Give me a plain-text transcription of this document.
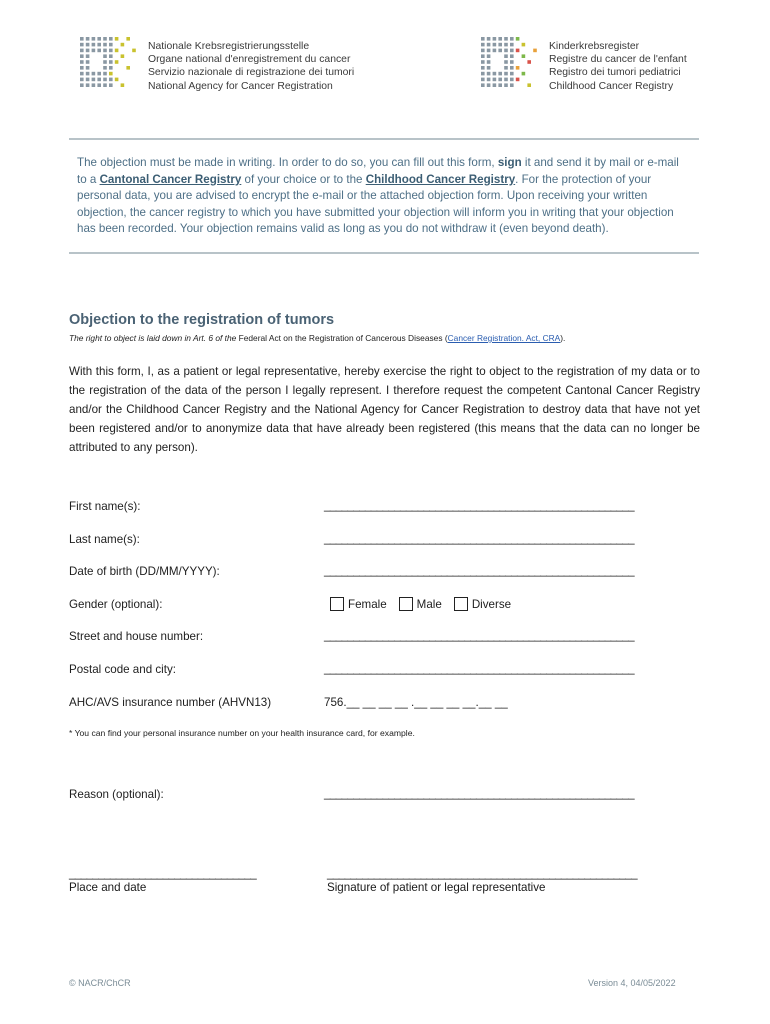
Nationale Krebsregistrierungsstelle
Organe national d'enregistrement du cancer
Servizio nazionale di registrazione dei tumori
National Agency for Cancer Registration
Kinderkrebsregister
Registre du cancer de l'enfant
Registro dei tumori pediatrici
Childhood Cancer Registry

The objection must be made in writing. In order to do so, you can fill out this form, sign it and send it by mail or e-mail to a Cantonal Cancer Registry of your choice or to the Childhood Cancer Registry. For the protection of your personal data, you are advised to encrypt the e-mail or the attached objection form. Upon receiving your written objection, the cancer registry to which you have submitted your objection will inform you in writing that your objection has been recorded. Your objection remains valid as long as you do not withdraw it (even beyond death).

Objection to the registration of tumors
The right to object is laid down in Art. 6 of the Federal Act on the Registration of Cancerous Diseases (Cancer Registration. Act, CRA).

With this form, I, as a patient or legal representative, hereby exercise the right to object to the registration of my data or to the registration of the data of the person I legally represent. I therefore request the competent Cantonal Cancer Registry and/or the Childhood Cancer Registry and the National Agency for Cancer Registration to destroy data that have not yet been registered and/or to anonymize data that have already been registered (this means that the data can no longer be attributed to any person).

First name(s):	_____________________________________________________
Last name(s):	_____________________________________________________
Date of birth (DD/MM/YYYY):	_____________________________________________________
Gender (optional):	Female	Male	Diverse
Street and house number:	_____________________________________________________
Postal code and city:	_____________________________________________________
AHC/AVS insurance number (AHVN13)	756.__ __ __ __ .__ __ __ __.__ __
* You can find your personal insurance number on your health insurance card, for example.
Reason (optional):	_____________________________________________________
________________________________	_____________________________________________________
Place and date	Signature of patient or legal representative
© NACR/ChCR	Version 4, 04/05/2022
